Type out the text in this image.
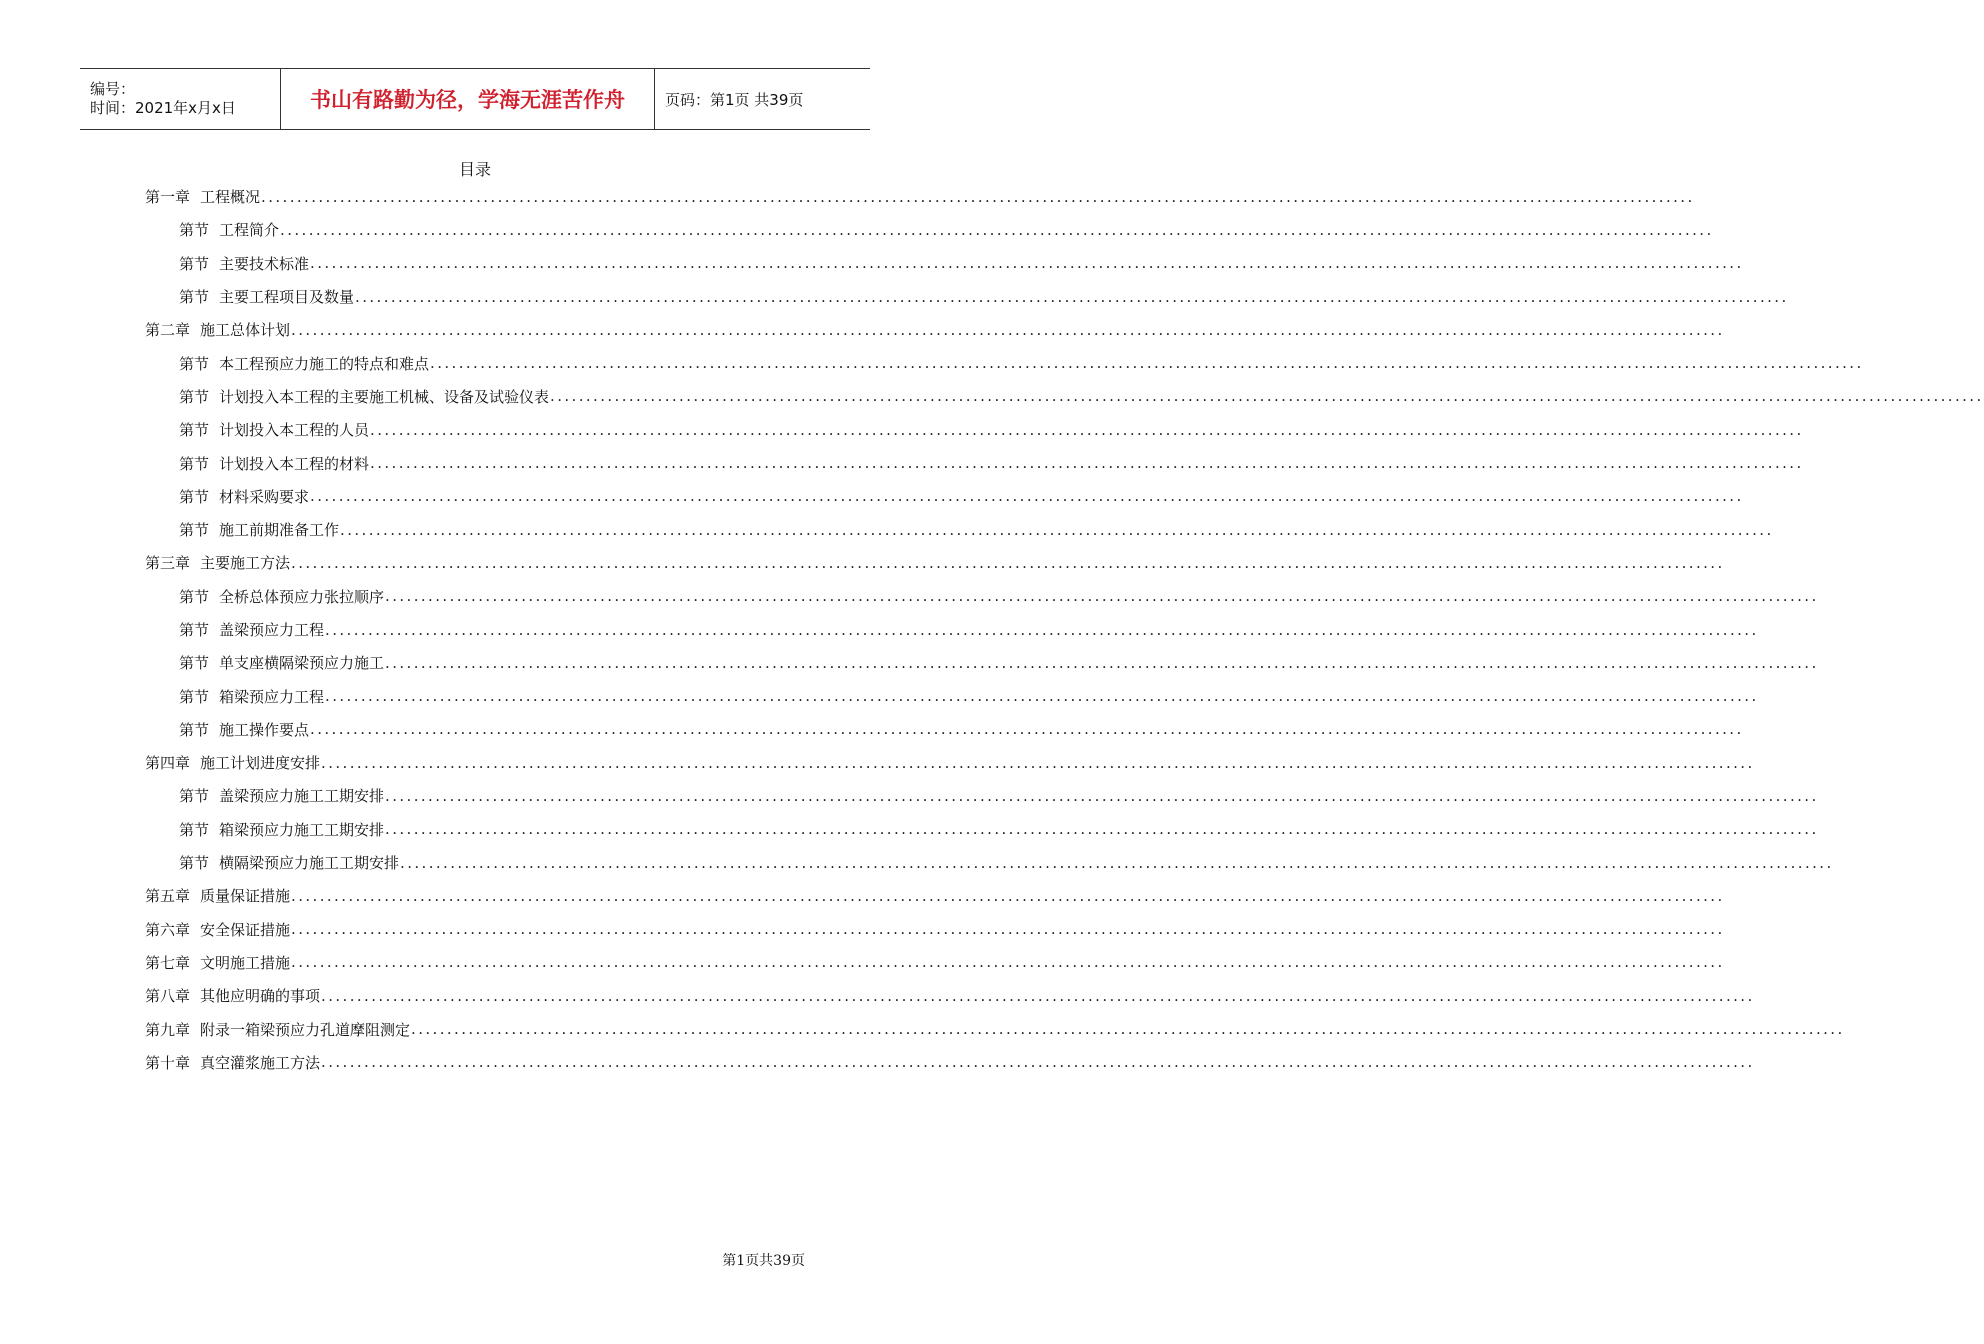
编号：
时间：2021年x月x日	书山有路勤为径，学海无涯苦作舟	页码：第1页 共39页
目录
第一章 工程概况 ........................................................................................................................................................................................................
第节 工程简介 ........................................................................................................................................................................................................
第节 主要技术标准 ........................................................................................................................................................................................................
第节 主要工程项目及数量 ........................................................................................................................................................................................................
第二章 施工总体计划 ........................................................................................................................................................................................................
第节 本工程预应力施工的特点和难点 ........................................................................................................................................................................................................
第节 计划投入本工程的主要施工机械、设备及试验仪表 ........................................................................................................................................................................................................
第节 计划投入本工程的人员 ........................................................................................................................................................................................................
第节 计划投入本工程的材料 ........................................................................................................................................................................................................
第节 材料采购要求 ........................................................................................................................................................................................................
第节 施工前期准备工作 ........................................................................................................................................................................................................
第三章 主要施工方法 ........................................................................................................................................................................................................
第节 全桥总体预应力张拉顺序 ........................................................................................................................................................................................................
第节 盖梁预应力工程 ........................................................................................................................................................................................................
第节 单支座横隔梁预应力施工 ........................................................................................................................................................................................................
第节 箱梁预应力工程 ........................................................................................................................................................................................................
第节 施工操作要点 ........................................................................................................................................................................................................
第四章 施工计划进度安排 ........................................................................................................................................................................................................
第节 盖梁预应力施工工期安排 ........................................................................................................................................................................................................
第节 箱梁预应力施工工期安排 ........................................................................................................................................................................................................
第节 横隔梁预应力施工工期安排 ........................................................................................................................................................................................................
第五章 质量保证措施 ........................................................................................................................................................................................................
第六章 安全保证措施 ........................................................................................................................................................................................................
第七章 文明施工措施 ........................................................................................................................................................................................................
第八章 其他应明确的事项 ........................................................................................................................................................................................................
第九章 附录一箱梁预应力孔道摩阻测定 ........................................................................................................................................................................................................
第十章 真空灌浆施工方法 ........................................................................................................................................................................................................
第1页共39页
